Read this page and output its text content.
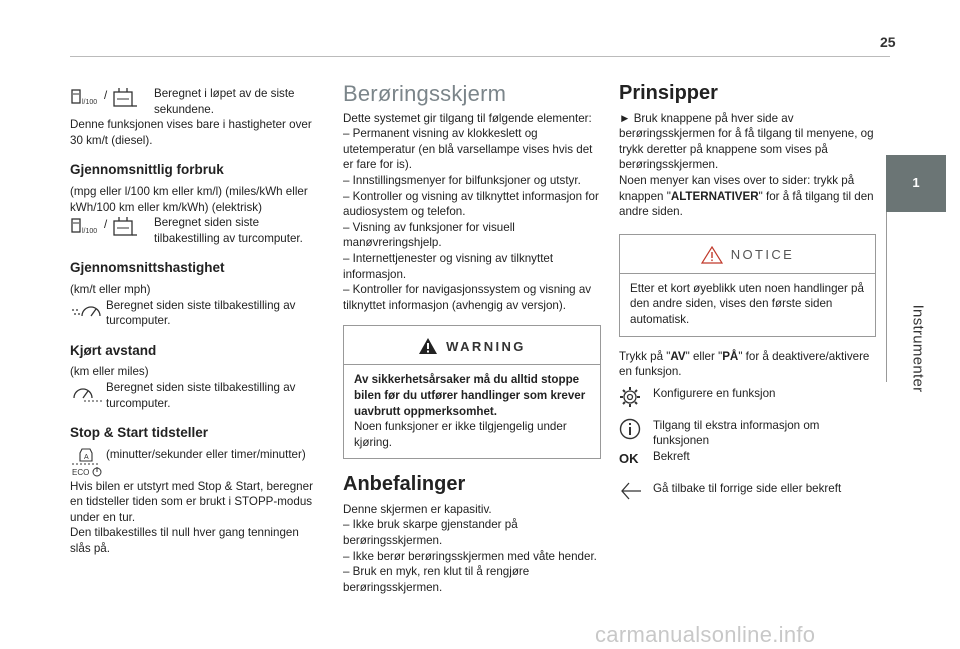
25
1
Instrumenter
l/100
/	Beregnet i løpet av de siste sekundene.

Denne funksjonen vises bare i hastigheter over 30 km/t (diesel).

Gjennomsnittlig forbruk

(mpg eller l/100 km eller km/l) (miles/kWh eller kWh/100 km eller km/kWh) (elektrisk)

l/100
/	Beregnet siden siste tilbakestilling av turcomputer.
Gjennomsnittshastighet

(km/t eller mph)

Beregnet siden siste tilbakestilling av turcomputer.
Kjørt avstand

(km eller miles)

Beregnet siden siste tilbakestilling av turcomputer.
Stop & Start tidsteller
A
ECO
(minutter/sekunder eller timer/minutter)

Hvis bilen er utstyrt med Stop & Start, beregner en tidsteller tiden som er brukt i STOPP-modus under en tur.

Den tilbakestilles til null hver gang tenningen slås på.

Berøringsskjerm

Dette systemet gir tilgang til følgende elementer:

– Permanent visning av klokkeslett og utetemperatur (en blå varsellampe vises hvis det er fare for is).

– Innstillingsmenyer for bilfunksjoner og utstyr.

– Kontroller og visning av tilknyttet informasjon for audiosystem og telefon.

– Visning av funksjoner for visuell manøvreringshjelp.

– Internettjenester og visning av tilknyttet informasjon.

– Kontroller for navigasjonssystem og visning av tilknyttet informasjon (avhengig av versjon).

WARNING

Av sikkerhetsårsaker må du alltid stoppe bilen før du utfører handlinger som krever uavbrutt oppmerksomhet.

Noen funksjoner er ikke tilgjengelig under kjøring.

Anbefalinger

Denne skjermen er kapasitiv.

– Ikke bruk skarpe gjenstander på berøringsskjermen.

– Ikke berør berøringsskjermen med våte hender.

– Bruk en myk, ren klut til å rengjøre berøringsskjermen.

Prinsipper

► Bruk knappene på hver side av berøringsskjermen for å få tilgang til menyene, og trykk deretter på knappene som vises på berøringsskjermen.

Noen menyer kan vises over to sider: trykk på knappen "ALTERNATIVER" for å få tilgang til den andre siden.

NOTICE

Etter et kort øyeblikk uten noen handlinger på den andre siden, vises den første siden automatisk.

Trykk på "AV" eller "PÅ" for å deaktivere/aktivere en funksjon.

Konfigurere en funksjon
Tilgang til ekstra informasjon om funksjonen
OK Bekreft
Gå tilbake til forrige side eller bekreft
carmanualsonline.info
